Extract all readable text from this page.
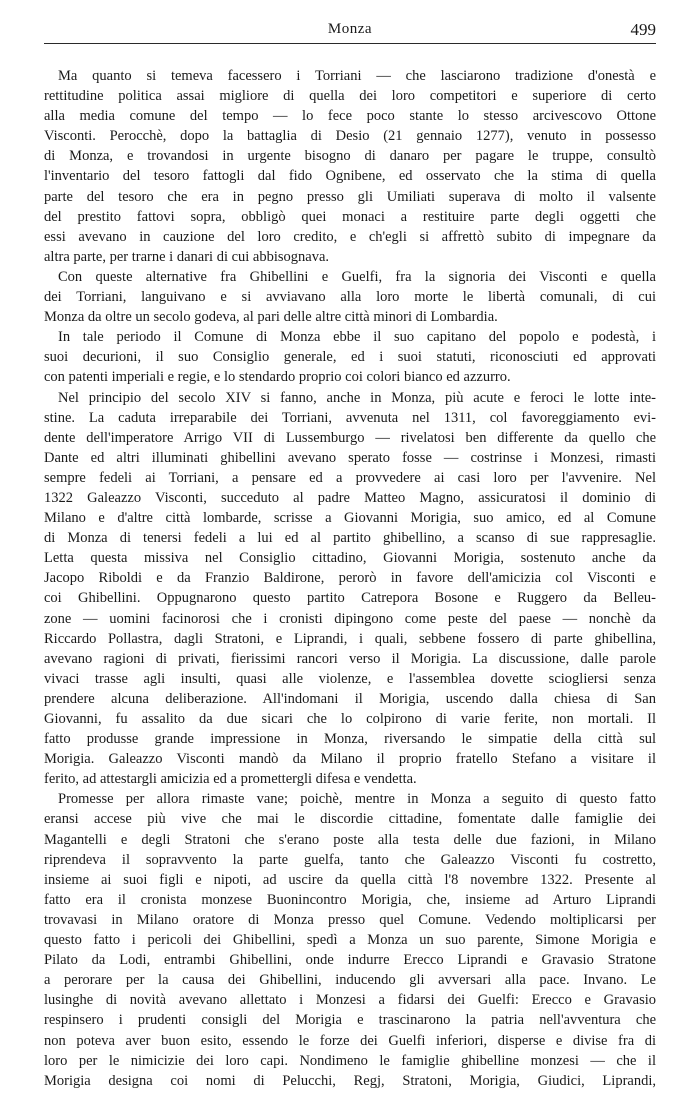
Monza	499
Ma quanto si temeva facessero i Torriani — che lasciarono tradizione d'onestà e
rettitudine politica assai migliore di quella dei loro competitori e superiore di certo
alla media comune del tempo — lo fece poco stante lo stesso arcivescovo Ottone
Visconti. Perocchè, dopo la battaglia di Desio (21 gennaio 1277), venuto in possesso
di Monza, e trovandosi in urgente bisogno di danaro per pagare le truppe, consultò
l'inventario del tesoro fattogli dal fido Ognibene, ed osservato che la stima di quella
parte del tesoro che era in pegno presso gli Umiliati superava di molto il valsente
del prestito fattovi sopra, obbligò quei monaci a restituire parte degli oggetti che
essi avevano in cauzione del loro credito, e ch'egli si affrettò subito di impegnare da
altra parte, per trarne i danari di cui abbisognava.
Con queste alternative fra Ghibellini e Guelfi, fra la signoria dei Visconti e quella
dei Torriani, languivano e si avviavano alla loro morte le libertà comunali, di cui
Monza da oltre un secolo godeva, al pari delle altre città minori di Lombardia.
In tale periodo il Comune di Monza ebbe il suo capitano del popolo e podestà, i
suoi decurioni, il suo Consiglio generale, ed i suoi statuti, riconosciuti ed approvati
con patenti imperiali e regie, e lo stendardo proprio coi colori bianco ed azzurro.
Nel principio del secolo XIV si fanno, anche in Monza, più acute e feroci le lotte inte-
stine. La caduta irreparabile dei Torriani, avvenuta nel 1311, col favoreggiamento evi-
dente dell'imperatore Arrigo VII di Lussemburgo — rivelatosi ben differente da quello che
Dante ed altri illuminati ghibellini avevano sperato fosse — costrinse i Monzesi, rimasti
sempre fedeli ai Torriani, a pensare ed a provvedere ai casi loro per l'avvenire. Nel
1322 Galeazzo Visconti, succeduto al padre Matteo Magno, assicuratosi il dominio di
Milano e d'altre città lombarde, scrisse a Giovanni Morigia, suo amico, ed al Comune
di Monza di tenersi fedeli a lui ed al partito ghibellino, a scanso di sue rappresaglie.
Letta questa missiva nel Consiglio cittadino, Giovanni Morigia, sostenuto anche da
Jacopo Riboldi e da Franzio Baldirone, perorò in favore dell'amicizia col Visconti e
coi Ghibellini. Oppugnarono questo partito Catrepora Bosone e Ruggero da Belleu-
zone — uomini facinorosi che i cronisti dipingono come peste del paese — nonchè da
Riccardo Pollastra, dagli Stratoni, e Liprandi, i quali, sebbene fossero di parte ghibellina,
avevano ragioni di privati, fierissimi rancori verso il Morigia. La discussione, dalle parole
vivaci trasse agli insulti, quasi alle violenze, e l'assemblea dovette sciogliersi senza
prendere alcuna deliberazione. All'indomani il Morigia, uscendo dalla chiesa di San
Giovanni, fu assalito da due sicari che lo colpirono di varie ferite, non mortali. Il
fatto produsse grande impressione in Monza, riversando le simpatie della città sul
Morigia. Galeazzo Visconti mandò da Milano il proprio fratello Stefano a visitare il
ferito, ad attestargli amicizia ed a promettergli difesa e vendetta.
Promesse per allora rimaste vane; poichè, mentre in Monza a seguito di questo fatto
eransi accese più vive che mai le discordie cittadine, fomentate dalle famiglie dei
Magantelli e degli Stratoni che s'erano poste alla testa delle due fazioni, in Milano
riprendeva il sopravvento la parte guelfa, tanto che Galeazzo Visconti fu costretto,
insieme ai suoi figli e nipoti, ad uscire da quella città l'8 novembre 1322. Presente al
fatto era il cronista monzese Buonincontro Morigia, che, insieme ad Arturo Liprandi
trovavasi in Milano oratore di Monza presso quel Comune. Vedendo moltiplicarsi per
questo fatto i pericoli dei Ghibellini, spedì a Monza un suo parente, Simone Morigia e
Pilato da Lodi, entrambi Ghibellini, onde indurre Erecco Liprandi e Gravasio Stratone
a perorare per la causa dei Ghibellini, inducendo gli avversari alla pace. Invano. Le
lusinghe di novità avevano allettato i Monzesi a fidarsi dei Guelfi: Erecco e Gravasio
respinsero i prudenti consigli del Morigia e trascinarono la patria nell'avventura che
non poteva aver buon esito, essendo le forze dei Guelfi inferiori, disperse e divise fra di
loro per le nimicizie dei loro capi. Nondimeno le famiglie ghibelline monzesi — che il
Morigia designa coi nomi di Pelucchi, Regj, Stratoni, Morigia, Giudici, Liprandi,
